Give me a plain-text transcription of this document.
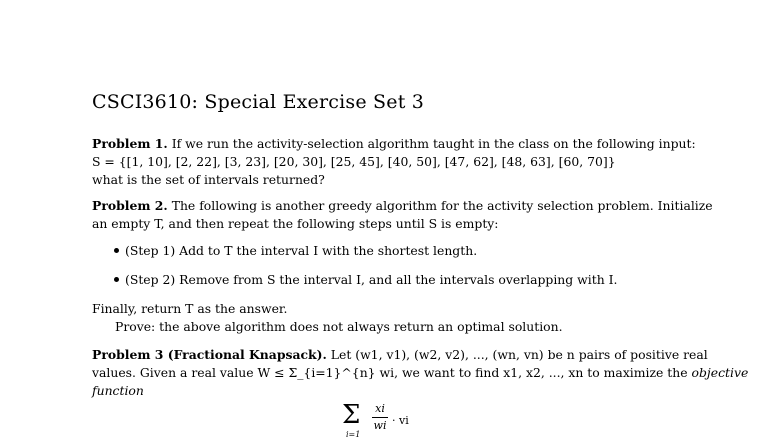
CSCI3610: Special Exercise Set 3
Problem 1. If we run the activity-selection algorithm taught in the class on the following input:
S = {[1, 10], [2, 22], [3, 23], [20, 30], [25, 45], [40, 50], [47, 62], [48, 63], [60, 70]}
what is the set of intervals returned?
Problem 2. The following is another greedy algorithm for the activity selection problem. Initialize
an empty T, and then repeat the following steps until S is empty:
(Step 1) Add to T the interval I with the shortest length.
(Step 2) Remove from S the interval I, and all the intervals overlapping with I.
Finally, return T as the answer.
Prove: the above algorithm does not always return an optimal solution.
Problem 3 (Fractional Knapsack). Let (w1, v1), (w2, v2), ..., (wn, vn) be n pairs of positive real
values. Given a real value W ≤ Σ_{i=1}^{n} wi, we want to find x1, x2, ..., xn to maximize the objective
function
Σ
i=1
xi
wi · vi
